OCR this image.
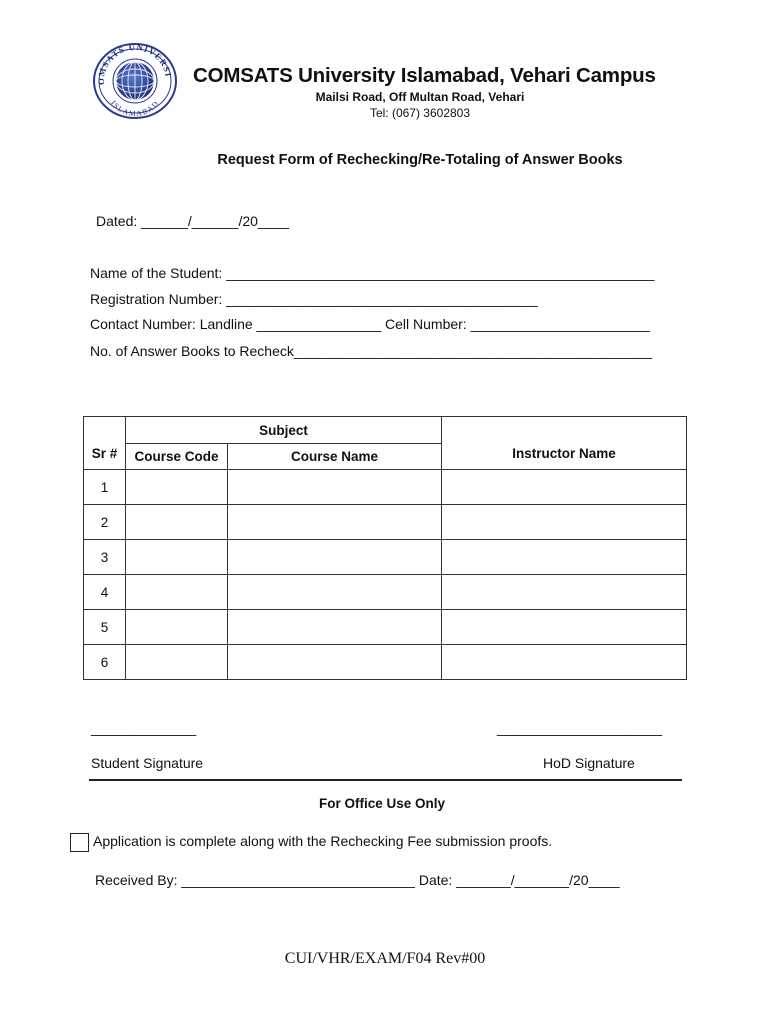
OMSATS UNIVERSI
ISLAMABAD
COMSATS University Islamabad, Vehari Campus
Mailsi Road, Off Multan Road, Vehari
Tel: (067) 3602803
Request Form of Rechecking/Re-Totaling of Answer Books
Dated: ______/______/20____
Name of the Student: _______________________________________________________
Registration Number: ________________________________________
Contact Number: Landline ________________ Cell Number: _______________________
No. of Answer Books to Recheck______________________________________________
Sr #	Subject		Instructor Name
	Course Code	Course Name	
1			
2			
3			
4			
5			
6			
______________	______________________
Student Signature	HoD Signature
For Office Use Only
Application is complete along with the Rechecking Fee submission proofs.
Received By: ______________________________ Date: _______/_______/20____
CUI/VHR/EXAM/F04 Rev#00
